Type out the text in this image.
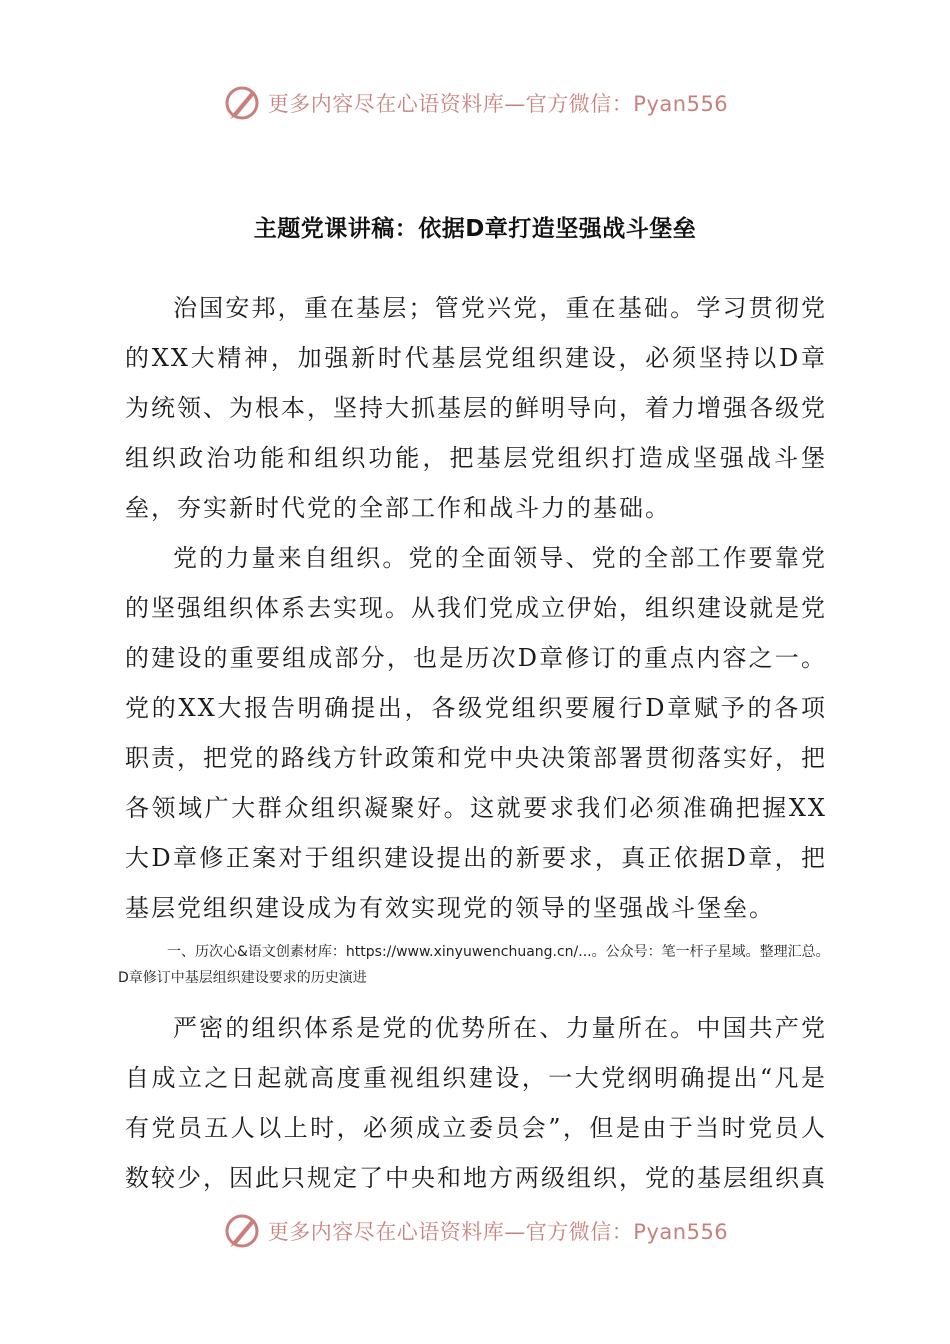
更多内容尽在心语资料库—官方微信：Pyan556
主题党课讲稿：依据D章打造坚强战斗堡垒

治国安邦，重在基层；管党兴党，重在基础。学习贯彻党的XX大精神，加强新时代基层党组织建设，必须坚持以D章为统领、为根本，坚持大抓基层的鲜明导向，着力增强各级党组织政治功能和组织功能，把基层党组织打造成坚强战斗堡垒，夯实新时代党的全部工作和战斗力的基础。

党的力量来自组织。党的全面领导、党的全部工作要靠党的坚强组织体系去实现。从我们党成立伊始，组织建设就是党的建设的重要组成部分，也是历次D章修订的重点内容之一。党的XX大报告明确提出，各级党组织要履行D章赋予的各项职责，把党的路线方针政策和党中央决策部署贯彻落实好，把各领域广大群众组织凝聚好。这就要求我们必须准确把握XX大D章修正案对于组织建设提出的新要求，真正依据D章，把基层党组织建设成为有效实现党的领导的坚强战斗堡垒。

一、历次心&语文创素材库：https://www.xinyuwenchuang.cn/...。公众号：笔一杆子星域。整理汇总。D章修订中基层组织建设要求的历史演进

严密的组织体系是党的优势所在、力量所在。中国共产党自成立之日起就高度重视组织建设，一大党纲明确提出“凡是有党员五人以上时，必须成立委员会”，但是由于当时党员人数较少，因此只规定了中央和地方两级组织，党的基层组织真

更多内容尽在心语资料库—官方微信：Pyan556
